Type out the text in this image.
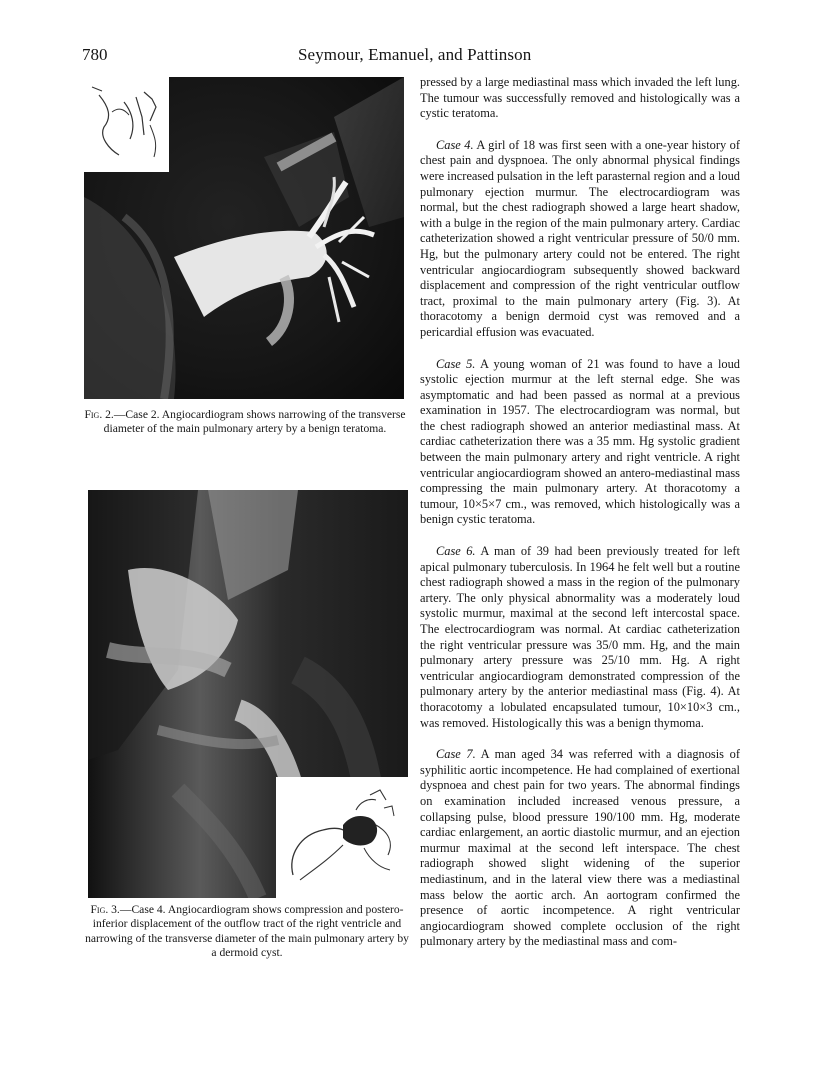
780	Seymour, Emanuel, and Pattinson
Fig. 2.—Case 2. Angiocardiogram shows narrowing of the transverse diameter of the main pulmonary artery by a benign teratoma.
Fig. 3.—Case 4. Angiocardiogram shows compression and postero-inferior displacement of the outflow tract of the right ventricle and narrowing of the transverse diameter of the main pulmonary artery by a dermoid cyst.

pressed by a large mediastinal mass which invaded the left lung. The tumour was successfully removed and histologically was a cystic teratoma.

Case 4. A girl of 18 was first seen with a one-year history of chest pain and dyspnoea. The only abnormal physical findings were increased pulsation in the left parasternal region and a loud pulmonary ejection murmur. The electrocardiogram was normal, but the chest radiograph showed a large heart shadow, with a bulge in the region of the main pulmonary artery. Cardiac catheterization showed a right ventricular pressure of 50/0 mm. Hg, but the pulmonary artery could not be entered. The right ventricular angiocardiogram subsequently showed backward displacement and compression of the right ventricular outflow tract, proximal to the main pulmonary artery (Fig. 3). At thoracotomy a benign dermoid cyst was removed and a pericardial effusion was evacuated.

Case 5. A young woman of 21 was found to have a loud systolic ejection murmur at the left sternal edge. She was asymptomatic and had been passed as normal at a previous examination in 1957. The electrocardiogram was normal, but the chest radiograph showed an anterior mediastinal mass. At cardiac catheterization there was a 35 mm. Hg systolic gradient between the main pulmonary artery and right ventricle. A right ventricular angiocardiogram showed an antero-mediastinal mass compressing the main pulmonary artery. At thoracotomy a tumour, 10×5×7 cm., was removed, which histologically was a benign cystic teratoma.

Case 6. A man of 39 had been previously treated for left apical pulmonary tuberculosis. In 1964 he felt well but a routine chest radiograph showed a mass in the region of the pulmonary artery. The only physical abnormality was a moderately loud systolic murmur, maximal at the second left intercostal space. The electrocardiogram was normal. At cardiac catheterization the right ventricular pressure was 35/0 mm. Hg, and the main pulmonary artery pressure was 25/10 mm. Hg. A right ventricular angiocardiogram demonstrated compression of the pulmonary artery by the anterior mediastinal mass (Fig. 4). At thoracotomy a lobulated encapsulated tumour, 10×10×3 cm., was removed. Histologically this was a benign thymoma.

Case 7. A man aged 34 was referred with a diagnosis of syphilitic aortic incompetence. He had complained of exertional dyspnoea and chest pain for two years. The abnormal findings on examination included increased venous pressure, a collapsing pulse, blood pressure 190/100 mm. Hg, moderate cardiac enlargement, an aortic diastolic murmur, and an ejection murmur maximal at the second left interspace. The chest radiograph showed slight widening of the superior mediastinum, and in the lateral view there was a mediastinal mass below the aortic arch. An aortogram confirmed the presence of aortic incompetence. A right ventricular angiocardiogram showed complete occlusion of the right pulmonary artery by the mediastinal mass and com-
